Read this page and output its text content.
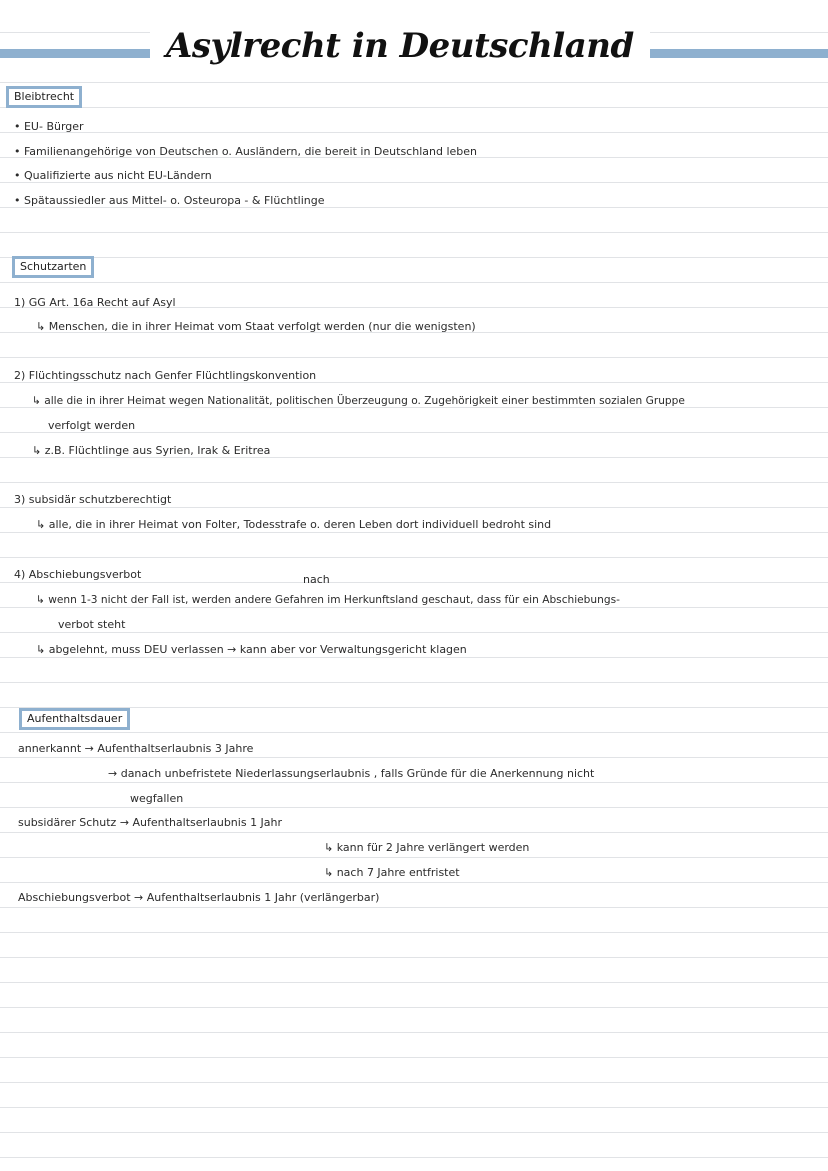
Asylrecht in Deutschland
Bleibtrecht
• EU- Bürger
• Familienangehörige von Deutschen o. Ausländern, die bereit in Deutschland leben
• Qualifizierte aus nicht EU-Ländern
• Spätaussiedler aus Mittel- o. Osteuropa - & Flüchtlinge
Schutzarten
1) GG Art. 16a Recht auf Asyl
↳ Menschen, die in ihrer Heimat vom Staat verfolgt werden (nur die wenigsten)
2) Flüchtingsschutz nach Genfer Flüchtlingskonvention
↳ alle die in ihrer Heimat wegen Nationalität, politischen Überzeugung o. Zugehörigkeit einer bestimmten sozialen Gruppe
verfolgt werden
↳ z.B. Flüchtlinge aus Syrien, Irak & Eritrea
3) subsidär schutzberechtigt
↳ alle, die in ihrer Heimat von Folter, Todesstrafe o. deren Leben dort individuell bedroht sind
4) Abschiebungsverbot	nach
↳ wenn 1-3 nicht der Fall ist, werden andere Gefahren im Herkunftsland geschaut, dass für ein Abschiebungs-
verbot steht
↳ abgelehnt, muss DEU verlassen → kann aber vor Verwaltungsgericht klagen
Aufenthaltsdauer
annerkannt → Aufenthaltserlaubnis 3 Jahre
→ danach unbefristete Niederlassungserlaubnis , falls Gründe für die Anerkennung nicht
wegfallen
subsidärer Schutz → Aufenthaltserlaubnis 1 Jahr
↳ kann für 2 Jahre verlängert werden
↳ nach 7 Jahre entfristet
Abschiebungsverbot → Aufenthaltserlaubnis 1 Jahr (verlängerbar)
